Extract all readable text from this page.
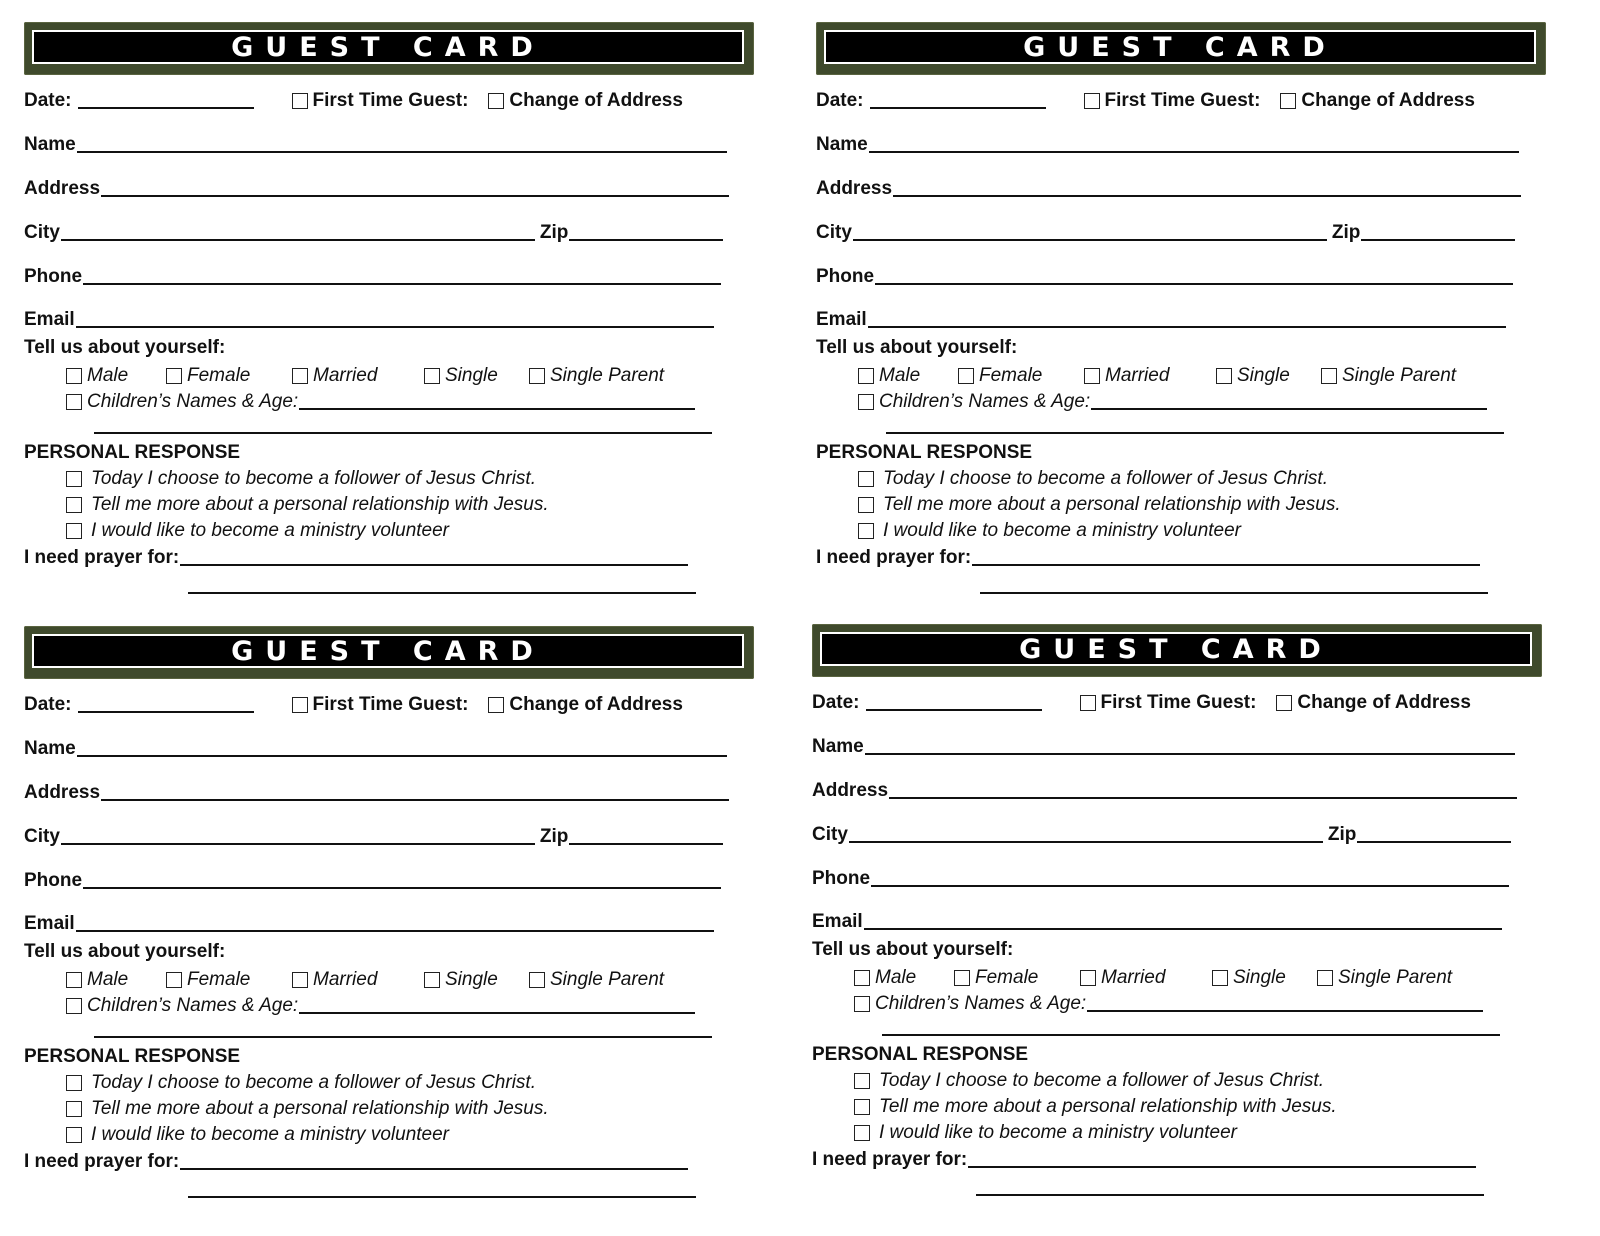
GUEST CARD
Date:	First Time Guest: Change of Address
Name
Address
City	Zip
Phone
Email
Tell us about yourself:
Male	Female	Married	Single	Single Parent
Children’s Names & Age:
PERSONAL RESPONSE
Today I choose to become a follower of Jesus Christ.
Tell me more about a personal relationship with Jesus.
I would like to become a ministry volunteer
I need prayer for:
GUEST CARD
Date:	First Time Guest: Change of Address
Name
Address
City	Zip
Phone
Email
Tell us about yourself:
Male	Female	Married	Single	Single Parent
Children’s Names & Age:
PERSONAL RESPONSE
Today I choose to become a follower of Jesus Christ.
Tell me more about a personal relationship with Jesus.
I would like to become a ministry volunteer
I need prayer for:
GUEST CARD
Date:	First Time Guest: Change of Address
Name
Address
City	Zip
Phone
Email
Tell us about yourself:
Male	Female	Married	Single	Single Parent
Children’s Names & Age:
PERSONAL RESPONSE
Today I choose to become a follower of Jesus Christ.
Tell me more about a personal relationship with Jesus.
I would like to become a ministry volunteer
I need prayer for:
GUEST CARD
Date:	First Time Guest: Change of Address
Name
Address
City	Zip
Phone
Email
Tell us about yourself:
Male	Female	Married	Single	Single Parent
Children’s Names & Age:
PERSONAL RESPONSE
Today I choose to become a follower of Jesus Christ.
Tell me more about a personal relationship with Jesus.
I would like to become a ministry volunteer
I need prayer for:
